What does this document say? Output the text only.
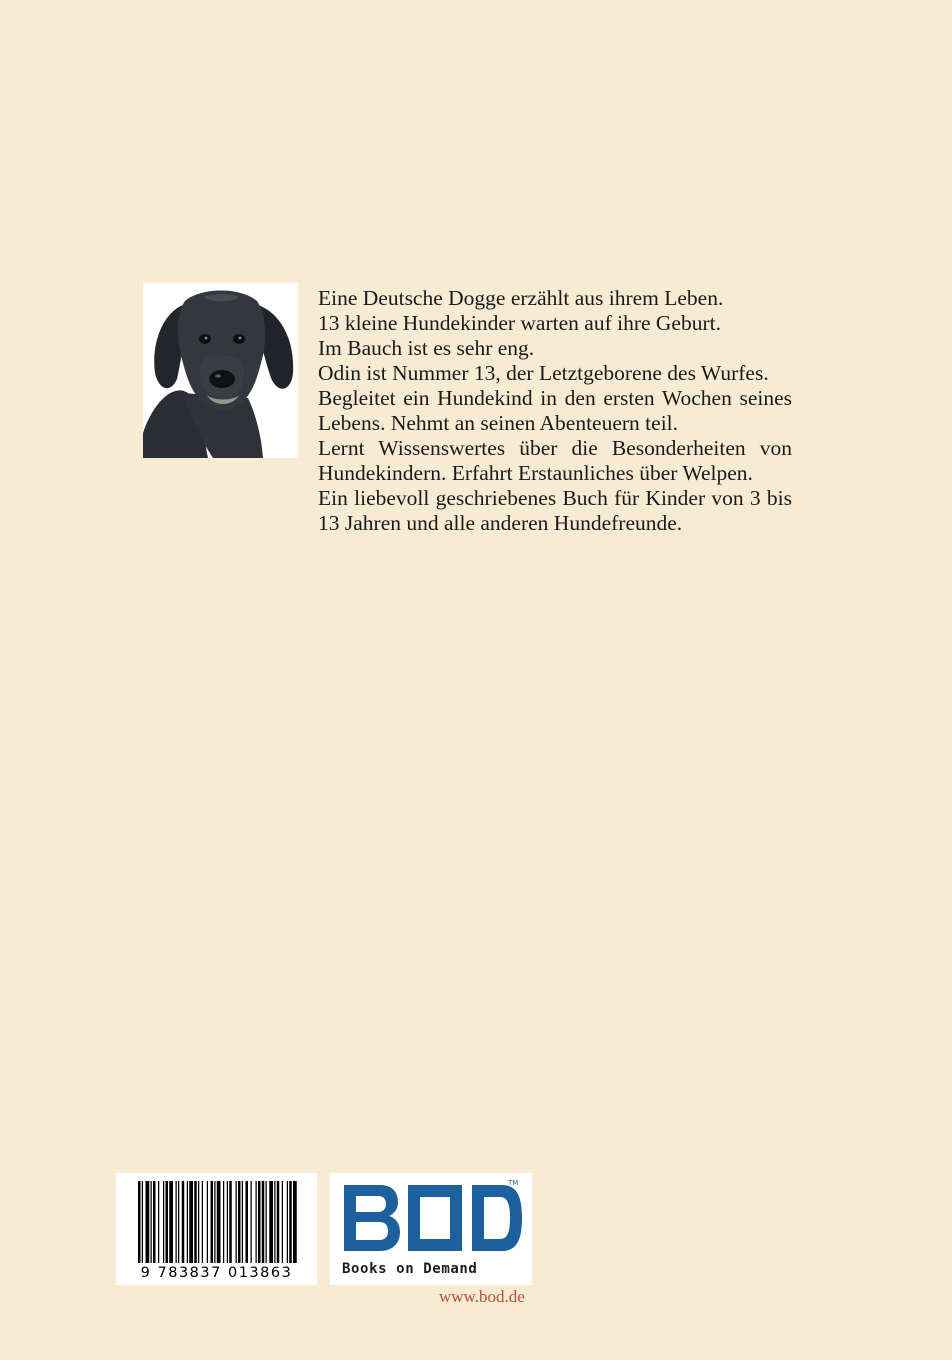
Eine Deutsche Dogge erzählt aus ihrem Leben.

13 kleine Hundekinder warten auf ihre Geburt.

Im Bauch ist es sehr eng.

Odin ist Nummer 13, der Letztgeborene des Wurfes.

Begleitet ein Hundekind in den ersten Wochen seines Lebens. Nehmt an seinen Abenteuern teil.

Lernt Wissenswertes über die Besonderheiten von Hundekindern. Erfahrt Erstaunliches über Welpen.

Ein liebevoll geschriebenes Buch für Kinder von 3 bis 13 Jahren und alle anderen Hundefreunde.

9 783837 013863
TM
Books on Demand
www.bod.de
